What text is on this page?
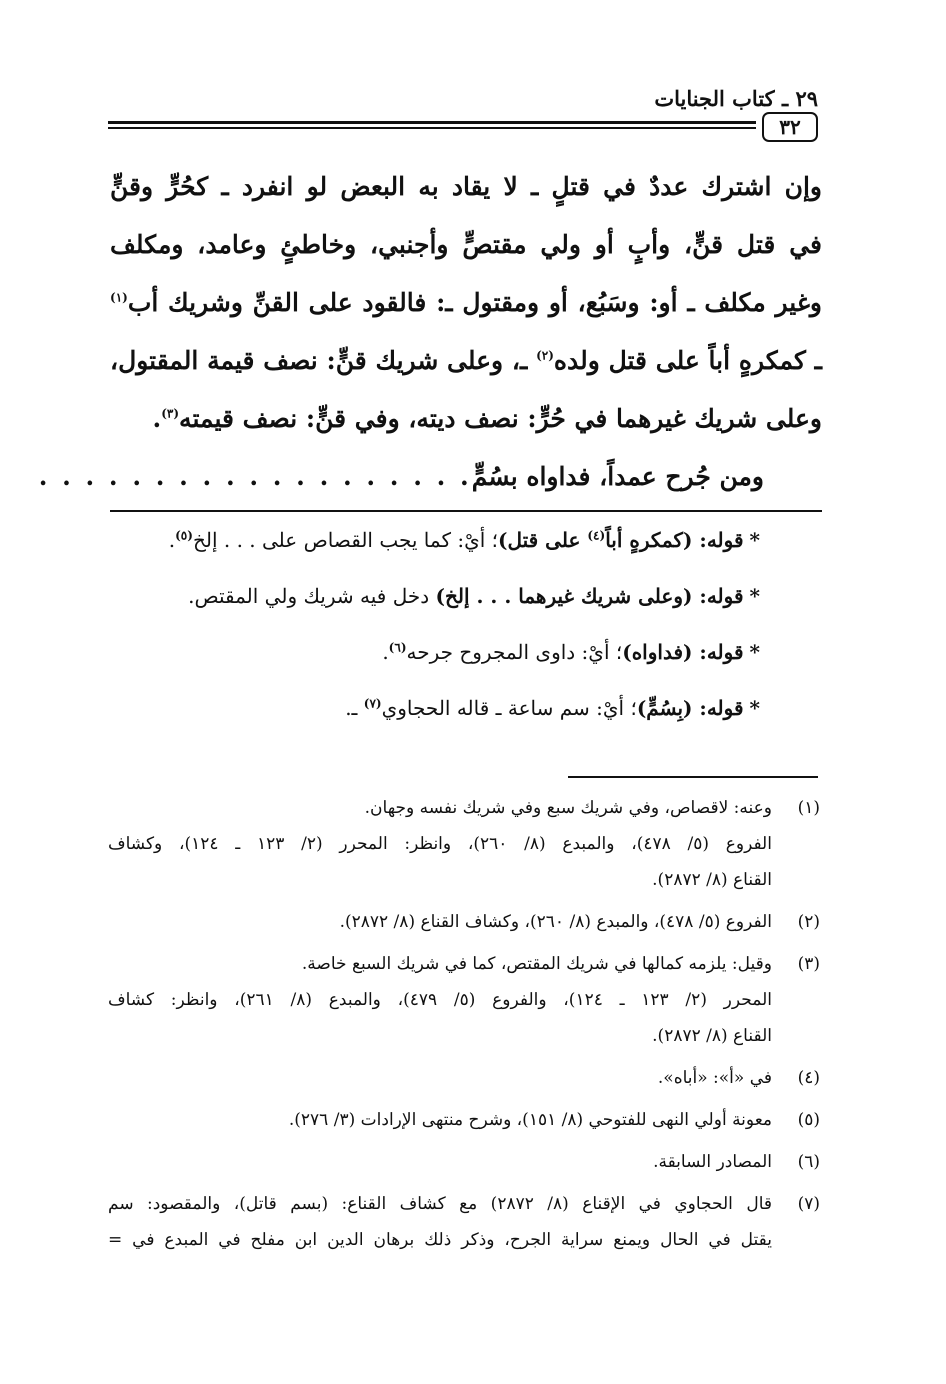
٢٩ ـ كتاب الجنايات
٣٢
وإن اشترك عددٌ في قتلٍ ـ لا يقاد به البعض لو انفرد ـ كحُرٍّ وقنٍّ
في قتل قنٍّ، وأبٍ أو ولي مقتصٍّ وأجنبي، وخاطئٍ وعامد، ومكلف
وغير مكلف ـ أو: وسَبُع، أو ومقتول ـ: فالقود على القنِّ وشريك أب$^{(١)}$
ـ كمكرهٍ أباً على قتل ولده$^{(٢)}$ ـ، وعلى شريك قنٍّ: نصف قيمة المقتول،
وعلى شريك غيرهما في حُرٍّ: نصف ديته، وفي قنٍّ: نصف قيمته$^{(٣)}$.
ومن جُرح عمداً، فداواه بسُمٍّ
. . . . . . . . . . . . . . . . . . .
*قوله: (كمكرهٍ أباً$^{(٤)}$ على قتل)؛ أيْ: كما يجب القصاص على . . . إلخ$^{(٥)}$.
*قوله: (وعلى شريك غيرهما . . . إلخ) دخل فيه شريك ولي المقتص.
*قوله: (فداواه)؛ أيْ: داوى المجروح جرحه$^{(٦)}$.
*قوله: (بِسُمٍّ)؛ أيْ: سم ساعة ـ قاله الحجاوي$^{(٧)}$ ـ.
(١)
وعنه: لاقصاص، وفي شريك سبع وفي شريك نفسه وجهان.
الفروع (٥/ ٤٧٨)، والمبدع (٨/ ٢٦٠)، وانظر: المحرر (٢/ ١٢٣ ـ ١٢٤)، وكشاف
القناع (٨/ ٢٨٧٢).
(٢)
الفروع (٥/ ٤٧٨)، والمبدع (٨/ ٢٦٠)، وكشاف القناع (٨/ ٢٨٧٢).
(٣)
وقيل: يلزمه كمالها في شريك المقتص، كما في شريك السبع خاصة.
المحرر (٢/ ١٢٣ ـ ١٢٤)، والفروع (٥/ ٤٧٩)، والمبدع (٨/ ٢٦١)، وانظر: كشاف
القناع (٨/ ٢٨٧٢).
(٤)
في «أ»: «أباه».
(٥)
معونة أولي النهى للفتوحي (٨/ ١٥١)، وشرح منتهى الإرادات (٣/ ٢٧٦).
(٦)
المصادر السابقة.
(٧)
قال الحجاوي في الإقناع (٨/ ٢٨٧٢) مع كشاف القناع: (بسم قاتل)، والمقصود: سم
يقتل في الحال ويمنع سراية الجرح، وذكر ذلك برهان الدين ابن مفلح في المبدع في =
